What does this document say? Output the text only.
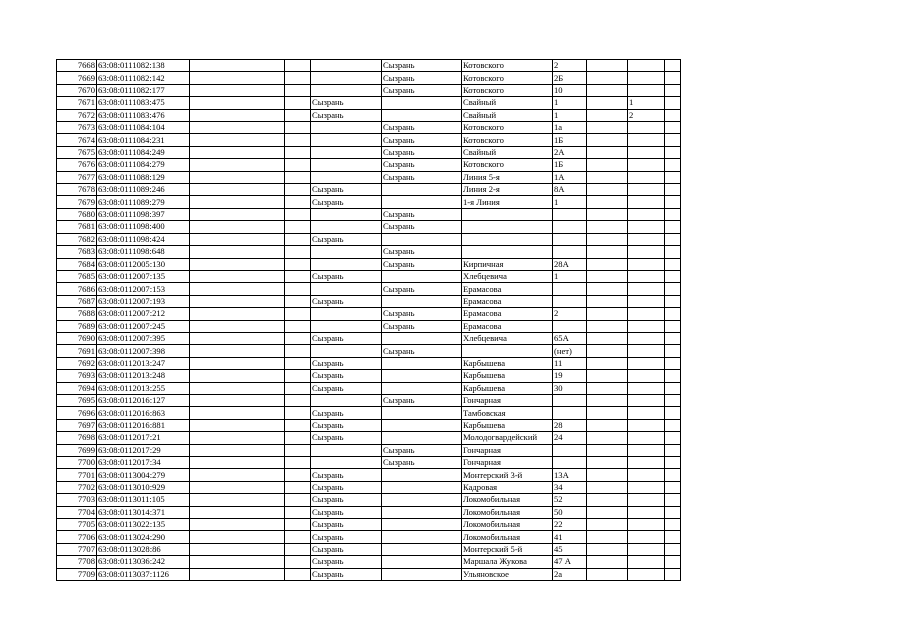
7668	63:08:0111082:138				Сызрань	Котовского	2			
7669	63:08:0111082:142				Сызрань	Котовского	2Б			
7670	63:08:0111082:177				Сызрань	Котовского	10			
7671	63:08:0111083:475			Сызрань		Свайный	1		1	
7672	63:08:0111083:476			Сызрань		Свайный	1		2	
7673	63:08:0111084:104				Сызрань	Котовского	1а			
7674	63:08:0111084:231				Сызрань	Котовского	1Б			
7675	63:08:0111084:249				Сызрань	Свайный	2А			
7676	63:08:0111084:279				Сызрань	Котовского	1Б			
7677	63:08:0111088:129				Сызрань	Линия 5-я	1А			
7678	63:08:0111089:246			Сызрань		Линия 2-я	8А			
7679	63:08:0111089:279			Сызрань		1-я Линия	1			
7680	63:08:0111098:397				Сызрань					
7681	63:08:0111098:400				Сызрань					
7682	63:08:0111098:424			Сызрань						
7683	63:08:0111098:648				Сызрань					
7684	63:08:0112005:130				Сызрань	Кирпичная	28А			
7685	63:08:0112007:135			Сызрань		Хлебцевича	1			
7686	63:08:0112007:153				Сызрань	Ерамасова				
7687	63:08:0112007:193			Сызрань		Ерамасова				
7688	63:08:0112007:212				Сызрань	Ерамасова	2			
7689	63:08:0112007:245				Сызрань	Ерамасова				
7690	63:08:0112007:395			Сызрань		Хлебцевича	65А			
7691	63:08:0112007:398				Сызрань		(нет)			
7692	63:08:0112013:247			Сызрань		Карбышева	11			
7693	63:08:0112013:248			Сызрань		Карбышева	19			
7694	63:08:0112013:255			Сызрань		Карбышева	30			
7695	63:08:0112016:127				Сызрань	Гончарная				
7696	63:08:0112016:863			Сызрань		Тамбовская				
7697	63:08:0112016:881			Сызрань		Карбышева	28			
7698	63:08:0112017:21			Сызрань		Молодогвардейский	24			
7699	63:08:0112017:29				Сызрань	Гончарная				
7700	63:08:0112017:34				Сызрань	Гончарная				
7701	63:08:0113004:279			Сызрань		Монтерский 3-й	13А			
7702	63:08:0113010:929			Сызрань		Кадровая	34			
7703	63:08:0113011:105			Сызрань		Локомобильная	52			
7704	63:08:0113014:371			Сызрань		Локомобильная	50			
7705	63:08:0113022:135			Сызрань		Локомобильная	22			
7706	63:08:0113024:290			Сызрань		Локомобильная	41			
7707	63:08:0113028:86			Сызрань		Монтерский 5-й	45			
7708	63:08:0113036:242			Сызрань		Маршала Жукова	47 А			
7709	63:08:0113037:1126			Сызрань		Ульяновское	2а			
